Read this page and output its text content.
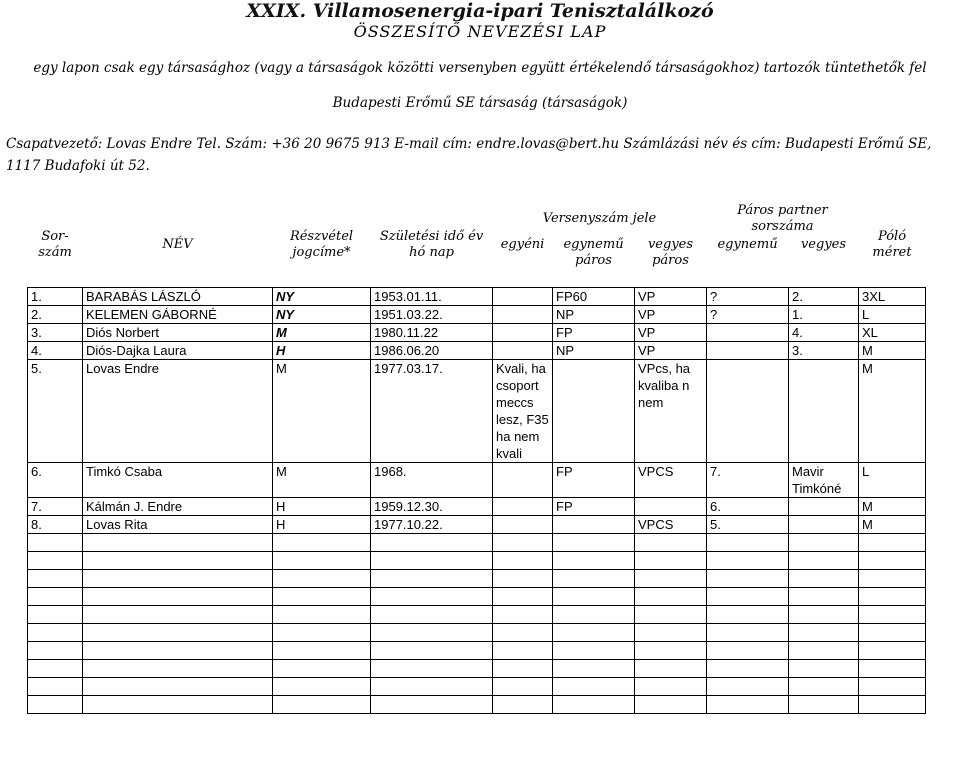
XXIX. Villamosenergia-ipari Tenisztalálkozó
ÖSSZESÍTŐ NEVEZÉSI LAP
egy lapon csak egy társasághoz (vagy a társaságok közötti versenyben együtt értékelendő társaságokhoz) tartozók tüntethetők fel
Budapesti Erőmű SE társaság (társaságok)
Csapatvezető: Lovas Endre Tel. Szám: +36 20 9675 913 E-mail cím: endre.lovas@bert.hu Számlázási név és cím: Budapesti Erőmű SE,
1117 Budafoki út 52.
Sor-szám	NÉV	Részvétel jogcíme*	Születési idő év hó nap	Versenyszám jele			Páros partner sorszáma		Póló méret
				egyéni	egynemű páros	vegyes páros	egynemű	vegyes	
1.	BARABÁS LÁSZLÓ	NY	1953.01.11.		FP60	VP	?	2.	3XL
2.	KELEMEN GÁBORNÉ	NY	1951.03.22.		NP	VP	?	1.	L
3.	Diós Norbert	M	1980.11.22		FP	VP		4.	XL
4.	Diós-Dajka Laura	H	1986.06.20		NP	VP		3.	M
5.	Lovas Endre	M	1977.03.17.	Kvali, ha csoport meccs lesz, F35 ha nem kvali		VPcs, ha kvaliba n nem			M
6.	Timkó Csaba	M	1968.		FP	VPCS	7.	Mavir Timkóné	L
7.	Kálmán J. Endre	H	1959.12.30.		FP		6.		M
8.	Lovas Rita	H	1977.10.22.			VPCS	5.		M
